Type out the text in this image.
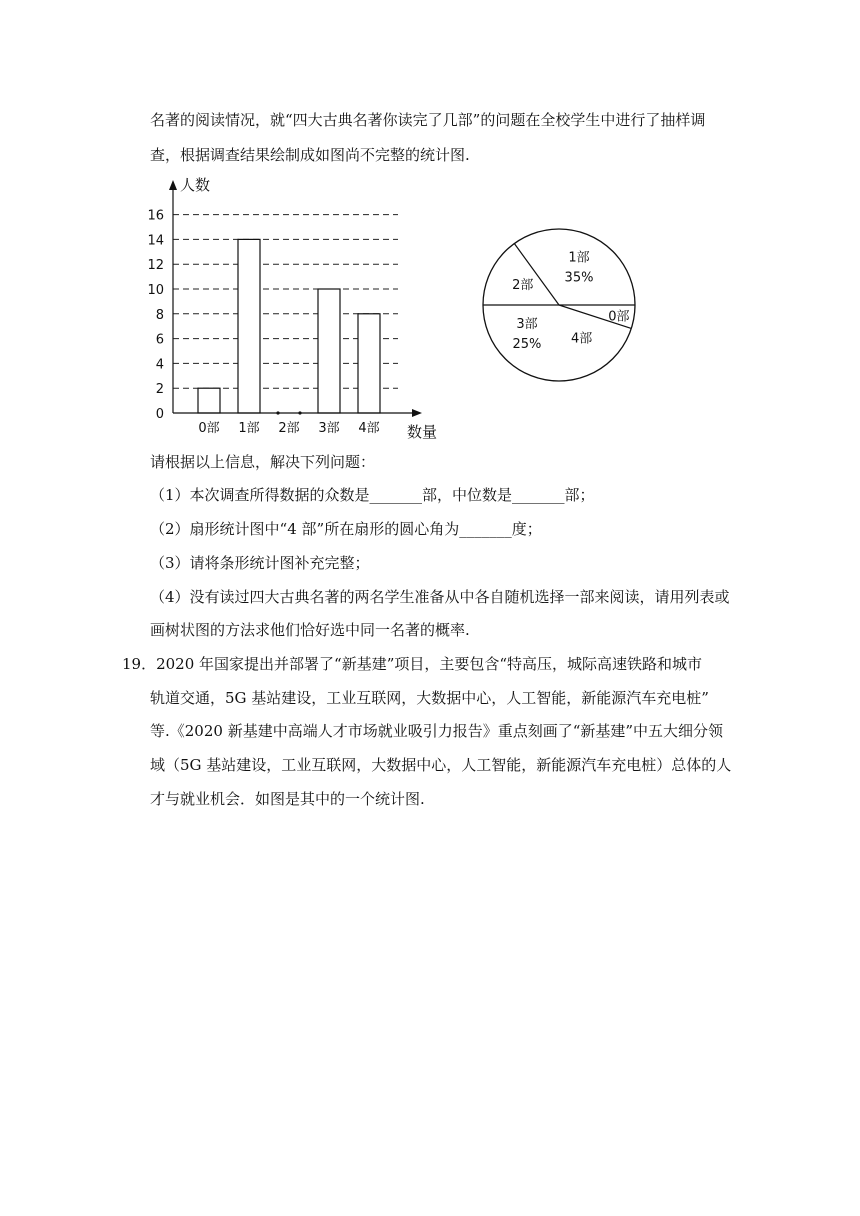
名著的阅读情况，就“四大古典名著你读完了几部”的问题在全校学生中进行了抽样调
查，根据调查结果绘制成如图尚不完整的统计图.
0
2
4
6
8
10
12
14
16
0部 1部 2部 3部 4部
人数
数量
1部
35%
0部
4部
3部
25%
2部
请根据以上信息，解决下列问题：
（1）本次调查所得数据的众数是_______部，中位数是_______部；
（2）扇形统计图中“4 部”所在扇形的圆心角为_______度；
（3）请将条形统计图补充完整；
（4）没有读过四大古典名著的两名学生准备从中各自随机选择一部来阅读，请用列表或
画树状图的方法求他们恰好选中同一名著的概率.
19．2020 年国家提出并部署了“新基建”项目，主要包含“特高压，城际高速铁路和城市
轨道交通，5G 基站建设，工业互联网，大数据中心，人工智能，新能源汽车充电桩”
等.《2020 新基建中高端人才市场就业吸引力报告》重点刻画了“新基建”中五大细分领
域（5G 基站建设，工业互联网，大数据中心，人工智能，新能源汽车充电桩）总体的人
才与就业机会．如图是其中的一个统计图.
